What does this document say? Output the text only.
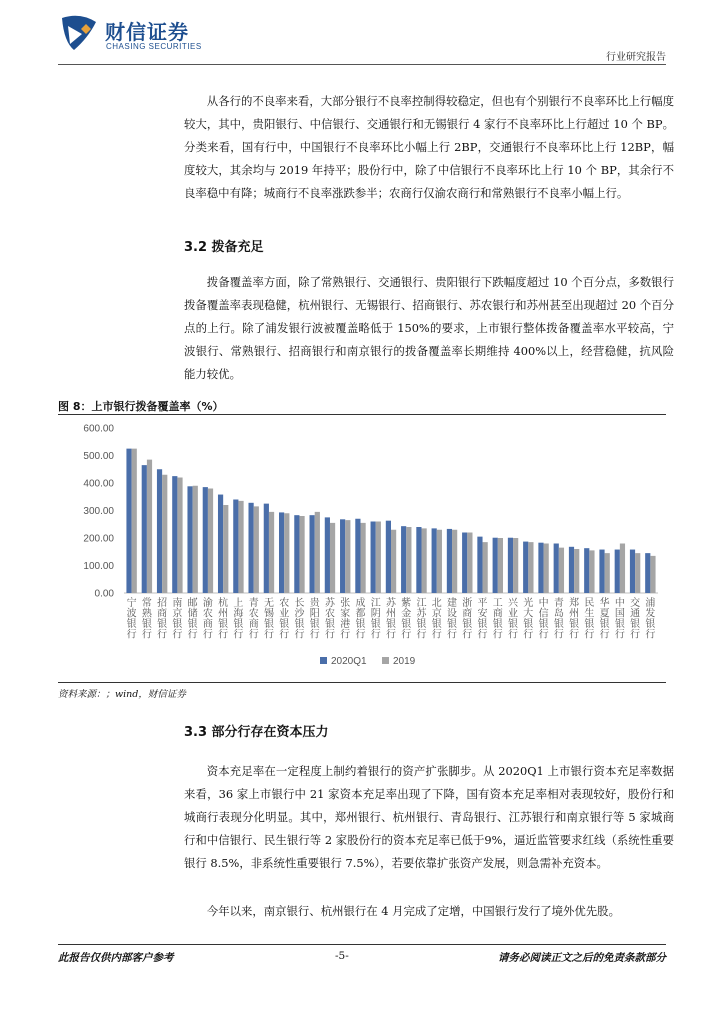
财信证券
CHASING SECURITIES
行业研究报告

从各行的不良率来看，大部分银行不良率控制得较稳定，但也有个别银行不良率环比上行幅度较大，其中，贵阳银行、中信银行、交通银行和无锡银行 4 家行不良率环比上行超过 10 个 BP。分类来看，国有行中，中国银行不良率环比小幅上行 2BP，交通银行不良率环比上行 12BP，幅度较大，其余均与 2019 年持平；股份行中，除了中信银行不良率环比上行 10 个 BP，其余行不良率稳中有降；城商行不良率涨跌参半；农商行仅渝农商行和常熟银行不良率小幅上行。

3.2 拨备充足

拨备覆盖率方面，除了常熟银行、交通银行、贵阳银行下跌幅度超过 10 个百分点，多数银行拨备覆盖率表现稳健，杭州银行、无锡银行、招商银行、苏农银行和苏州甚至出现超过 20 个百分点的上行。除了浦发银行波被覆盖略低于 150%的要求，上市银行整体拨备覆盖率水平较高，宁波银行、常熟银行、招商银行和南京银行的拨备覆盖率长期维持 400%以上，经营稳健，抗风险能力较优。

图 8：上市银行拨备覆盖率（%）
0.00
100.00
200.00
300.00
400.00
500.00
600.00
宁波银行
常熟银行
招商银行
南京银行
邮储银行
渝农商行
杭州银行
上海银行
青农商行
无锡银行
农业银行
长沙银行
贵阳银行
苏农银行
张家港行
成都银行
江阴银行
苏州银行
紫金银行
江苏银行
北京银行
建设银行
浙商银行
平安银行
工商银行
兴业银行
光大银行
中信银行
青岛银行
郑州银行
民生银行
华夏银行
中国银行
交通银行
浦发银行
2020Q1	2019
资料来源：；wind，财信证券
3.3 部分行存在资本压力

资本充足率在一定程度上制约着银行的资产扩张脚步。从 2020Q1 上市银行资本充足率数据来看，36 家上市银行中 21 家资本充足率出现了下降，国有资本充足率相对表现较好，股份行和城商行表现分化明显。其中，郑州银行、杭州银行、青岛银行、江苏银行和南京银行等 5 家城商行和中信银行、民生银行等 2 家股份行的资本充足率已低于9%，逼近监管要求红线（系统性重要银行 8.5%，非系统性重要银行 7.5%），若要依靠扩张资产发展，则急需补充资本。

今年以来，南京银行、杭州银行在 4 月完成了定增，中国银行发行了境外优先股。

此报告仅供内部客户参考	-5-	请务必阅读正文之后的免责条款部分
